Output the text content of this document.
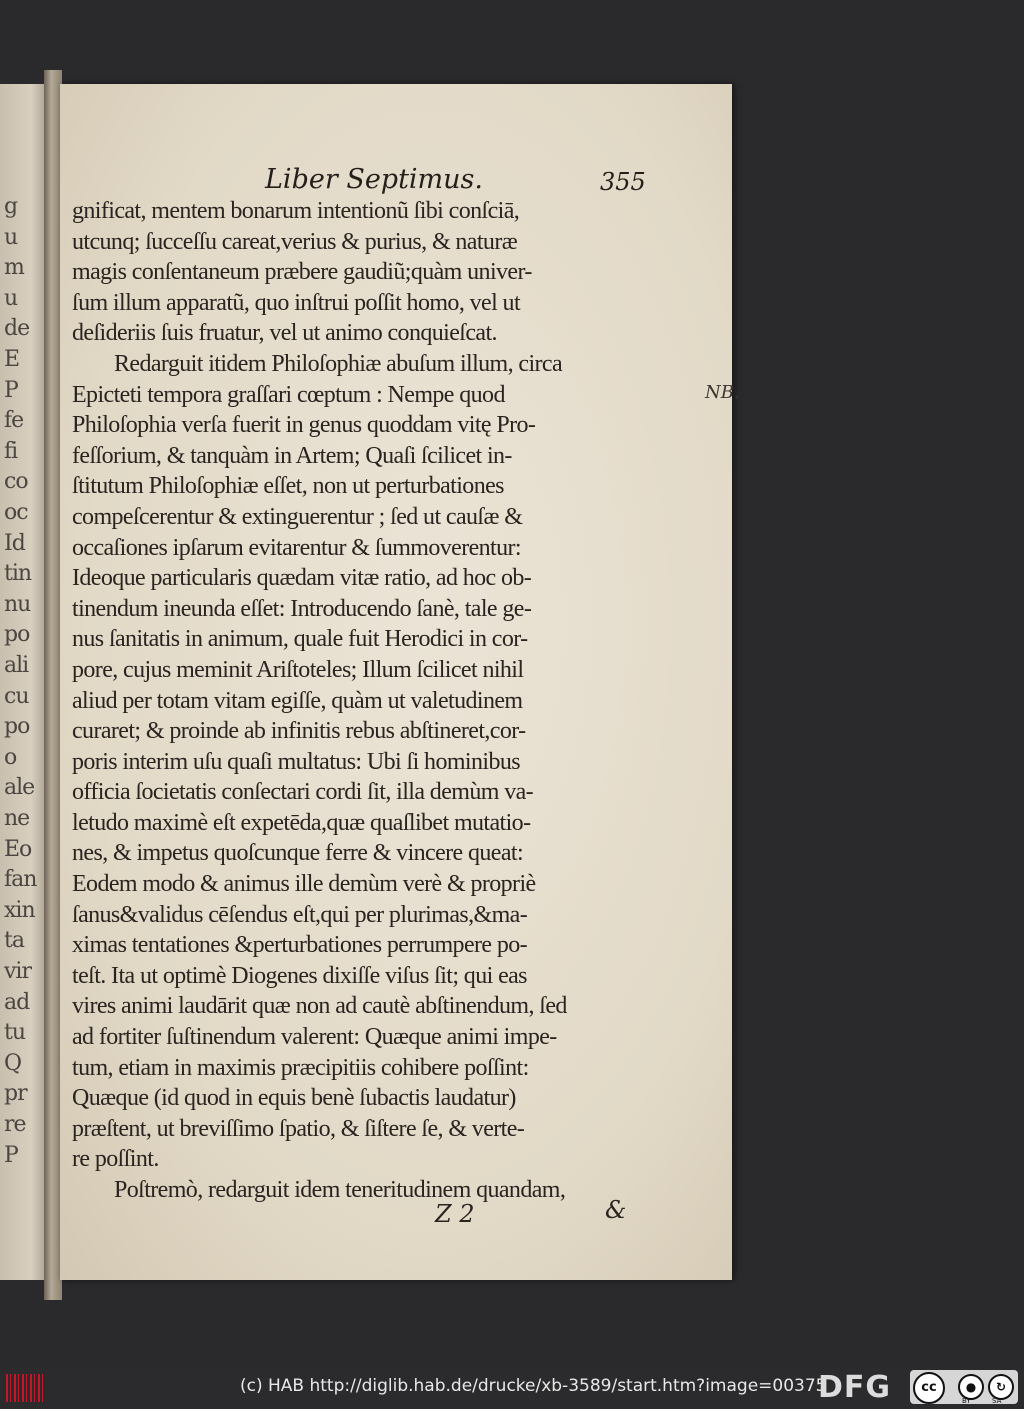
g
u
m
u
de
E
P
fe
fi
co
oc
Id
tin
nu
po
ali
cu
po
o
ale
ne
Eo
fan
xin
ta
vir
ad
tu
Q
pr
re
P
Liber Septimus.	355
gnificat, mentem bonarum intentionũ ſibi conſciā,
utcunq; ſucceſſu careat,verius & purius, & naturæ
magis conſentaneum præbere gaudiũ;quàm univer-
ſum illum apparatũ, quo inſtrui poſſit homo, vel ut
deſideriis ſuis fruatur, vel ut animo conquieſcat.
Redarguit itidem Philoſophiæ abuſum illum, circa
Epicteti tempora graſſari cœptum : Nempe quod
Philoſophia verſa fuerit in genus quoddam vitę Pro-
feſſorium, & tanquàm in Artem; Quaſi ſcilicet in-
ſtitutum Philoſophiæ eſſet, non ut perturbationes
compeſcerentur & extinguerentur ; ſed ut cauſæ &
occaſiones ipſarum evitarentur & ſummoverentur:
Ideoque particularis quædam vitæ ratio, ad hoc ob-
tinendum ineunda eſſet: Introducendo ſanè, tale ge-
nus ſanitatis in animum, quale fuit Herodici in cor-
pore, cujus meminit Ariſtoteles; Illum ſcilicet nihil
aliud per totam vitam egiſſe, quàm ut valetudinem
curaret; & proinde ab infinitis rebus abſtineret,cor-
poris interim uſu quaſi multatus: Ubi ſi hominibus
officia ſocietatis conſectari cordi ſit, illa demùm va-
letudo maximè eſt expetēda,quæ quaſlibet mutatio-
nes, & impetus quoſcunque ferre & vincere queat:
Eodem modo & animus ille demùm verè & propriè
ſanus&validus cēſendus eſt,qui per plurimas,&ma-
ximas tentationes &perturbationes perrumpere po-
teſt. Ita ut optimè Diogenes dixiſſe viſus ſit; qui eas
vires animi laudārit quæ non ad cautè abſtinendum, ſed
ad fortiter ſuſtinendum valerent: Quæque animi impe-
tum, etiam in maximis præcipitiis cohibere poſſint:
Quæque (id quod in equis benè ſubactis laudatur)
præſtent, ut breviſſimo ſpatio, & ſiſtere ſe, & verte-
re poſſint.
Poſtremò, redarguit idem teneritudinem quandam,
NB.
Z 2	&
(c) HAB http://diglib.hab.de/drucke/xb-3589/start.htm?image=00375
DFG	cc	●	↻
BY	SA
